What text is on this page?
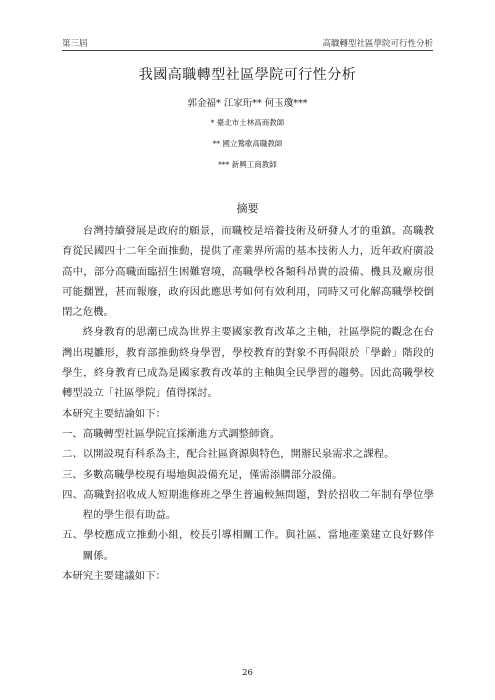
第三屆	高職轉型社區學院可行性分析
我國高職轉型社區學院可行性分析
郭金福* 江家珩** 何玉瓊***
* 臺北市士林高商教師
** 國立鶯歌高職教師
*** 新興工商教師
摘要

台灣持續發展是政府的願景，而職校是培養技術及研發人才的重鎮。高職教育從民國四十二年全面推動，提供了產業界所需的基本技術人力，近年政府廣設高中，部分高職面臨招生困難窘境，高職學校各類科昂貴的設備、機具及廠房很可能擱置，甚而報廢，政府因此應思考如何有效利用，同時又可化解高職學校倒閉之危機。

終身教育的思潮已成為世界主要國家教育改革之主軸，社區學院的觀念在台灣出現雛形，教育部推動終身學習，學校教育的對象不再侷限於「學齡」階段的學生，終身教育已成為是國家教育改革的主軸與全民學習的趨勢。因此高職學校轉型設立「社區學院」值得探討。

本研究主要結論如下：

一、高職轉型社區學院宜採漸進方式調整師資。

二、以開設現有科系為主，配合社區資源與特色，開辦民泉需求之課程。

三、多數高職學校現有場地與設備充足，僅需添購部分設備。

四、高職對招收成人短期進修班之學生普遍較無問題，對於招收二年制有學位學程的學生很有助益。

五、學校應成立推動小組，校長引導相關工作。與社區、當地產業建立良好夥伴關係。

本研究主要建議如下：

26
